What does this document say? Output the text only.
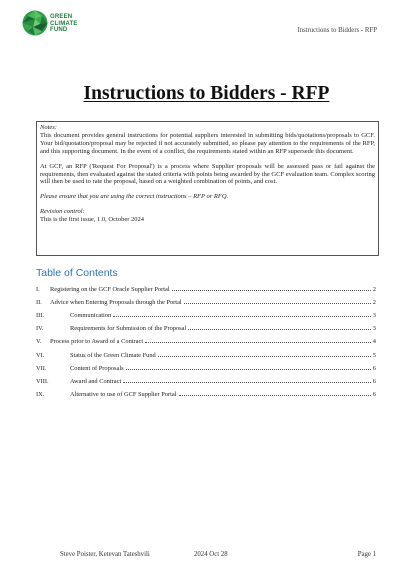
GREEN
CLIMATE
FUND	Instructions to Bidders - RFP
Instructions to Bidders - RFP

Notes:

This document provides general instructions for potential suppliers interested in submitting bids/quotations/proposals to GCF. Your bid/quotation/proposal may be rejected if not accurately submitted, so please pay attention to the requirements of the RFP, and this supporting document. In the event of a conflict, the requirements stated within an RFP supersede this document.

At GCF, an RFP ('Request For Proposal') is a process where Supplier proposals will be assessed pass or fail against the requirements, then evaluated against the stated criteria with points being awarded by the GCF evaluation team. Complex scoring will then be used to rate the proposal, based on a weighted combination of points, and cost.

Please ensure that you are using the correct instructions – RFP or RFQ.

Revision control:

This is the first issue, 1.0, October 2024

Table of Contents
I.	Registering on the GCF Oracle Supplier Portal	2
II.	Advice when Entering Proposals through the Portal	2
III.	Communication	3
IV.	Requirements for Submission of the Proposal	3
V.	Process prior to Award of a Contract	4
VI.	Status of the Green Climate Fund	5
VII.	Content of Proposals	6
VIII.	Award and Contract	6
IX.	Alternative to use of GCF Supplier Portal	6
Steve Poister, Ketevan Tateshvili	2024 Oct 28	Page 1
